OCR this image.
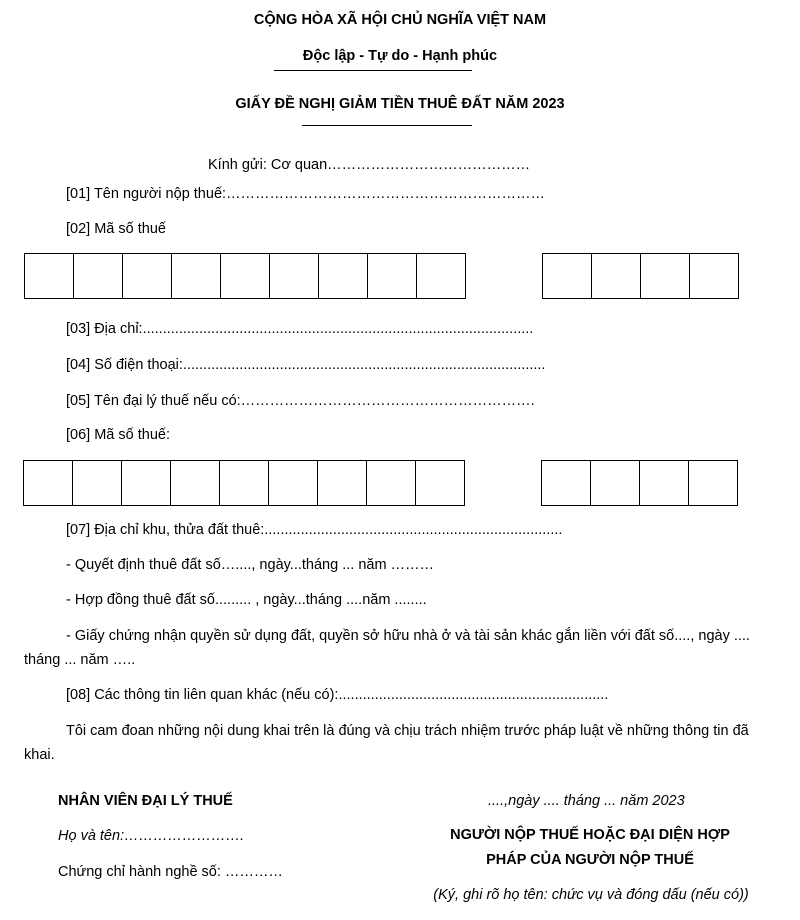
CỘNG HÒA XÃ HỘI CHỦ NGHĨA VIỆT NAM
Độc lập - Tự do - Hạnh phúc
GIẤY ĐỀ NGHỊ GIẢM TIỀN THUÊ ĐẤT NĂM 2023
Kính gửi: Cơ quan……………………………………
[01] Tên người nộp thuế:…………………………………………………………
[02] Mã số thuế
[03] Địa chỉ:.................................................................................................
[04] Số điện thoại:..........................................................................................
[05] Tên đại lý thuế nếu có:…………………………………………………….
[06] Mã số thuế:
[07] Địa chỉ khu, thửa đất thuê:..........................................................................
- Quyết định thuê đất số…...., ngày...tháng ... năm ………
- Hợp đồng thuê đất số......... , ngày...tháng ....năm ........
- Giấy chứng nhận quyền sử dụng đất, quyền sở hữu nhà ở và tài sản khác gắn liền với đất số...., ngày .... tháng ... năm …..
[08] Các thông tin liên quan khác (nếu có):...................................................................
Tôi cam đoan những nội dung khai trên là đúng và chịu trách nhiệm trước pháp luật về những thông tin đã khai.
NHÂN VIÊN ĐẠI LÝ THUẾ
Họ và tên:…………………….
Chứng chỉ hành nghề số: …………
....,ngày .... tháng ... năm 2023
NGƯỜI NỘP THUẾ HOẶC ĐẠI DIỆN HỢP
PHÁP CỦA NGƯỜI NỘP THUẾ
(Ký, ghi rõ họ tên: chức vụ và đóng dấu (nếu có))
